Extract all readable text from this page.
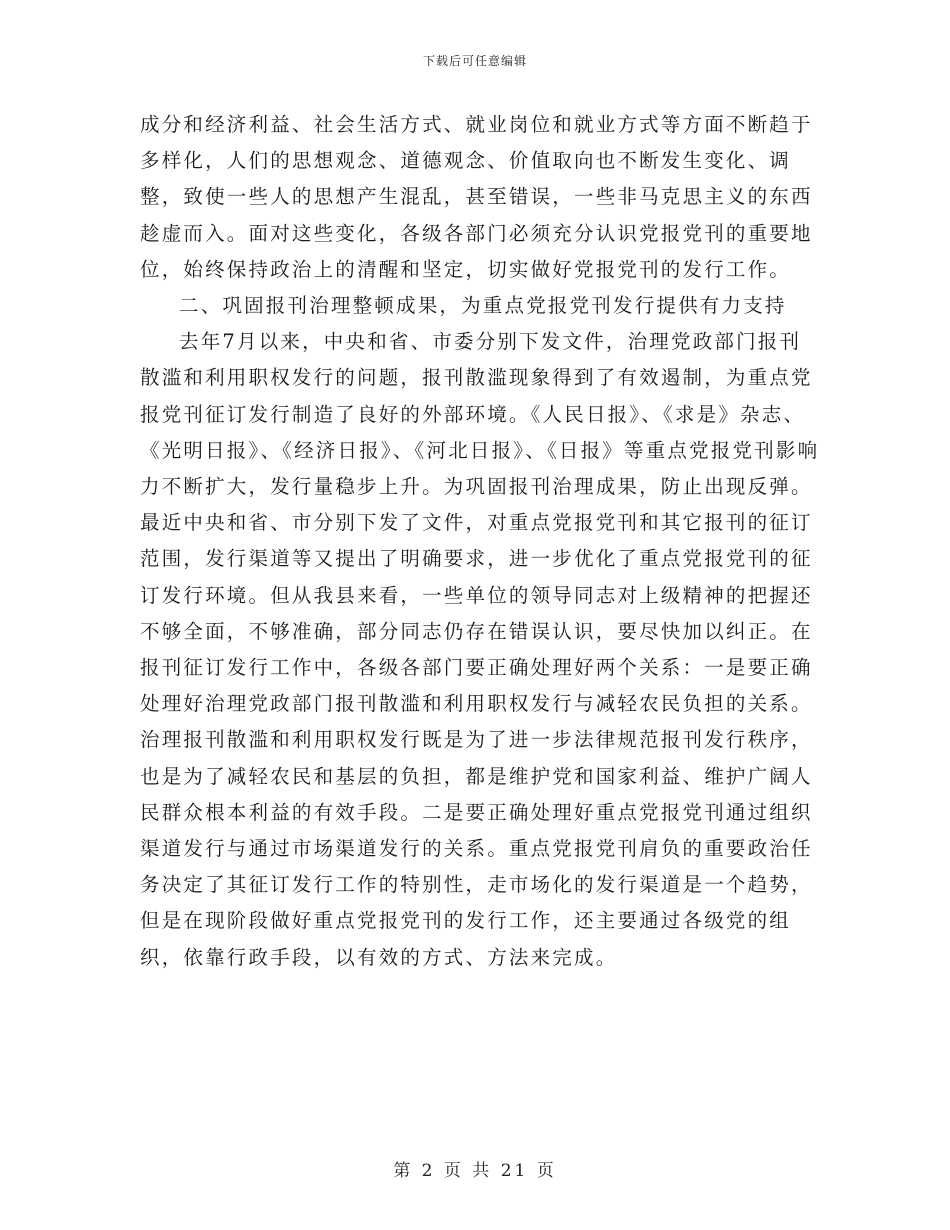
下载后可任意编辑

成分和经济利益、社会生活方式、就业岗位和就业方式等方面不断趋于多样化，人们的思想观念、道德观念、价值取向也不断发生变化、调整，致使一些人的思想产生混乱，甚至错误，一些非马克思主义的东西趁虚而入。面对这些变化，各级各部门必须充分认识党报党刊的重要地位，始终保持政治上的清醒和坚定，切实做好党报党刊的发行工作。

二、巩固报刊治理整顿成果，为重点党报党刊发行提供有力支持

去年7月以来，中央和省、市委分别下发文件，治理党政部门报刊散滥和利用职权发行的问题，报刊散滥现象得到了有效遏制，为重点党报党刊征订发行制造了良好的外部环境。《人民日报》、《求是》杂志、《光明日报》、《经济日报》、《河北日报》、《日报》等重点党报党刊影响力不断扩大，发行量稳步上升。为巩固报刊治理成果，防止出现反弹。最近中央和省、市分别下发了文件，对重点党报党刊和其它报刊的征订范围，发行渠道等又提出了明确要求，进一步优化了重点党报党刊的征订发行环境。但从我县来看，一些单位的领导同志对上级精神的把握还不够全面，不够准确，部分同志仍存在错误认识，要尽快加以纠正。在报刊征订发行工作中，各级各部门要正确处理好两个关系：一是要正确处理好治理党政部门报刊散滥和利用职权发行与减轻农民负担的关系。治理报刊散滥和利用职权发行既是为了进一步法律规范报刊发行秩序，也是为了减轻农民和基层的负担，都是维护党和国家利益、维护广阔人民群众根本利益的有效手段。二是要正确处理好重点党报党刊通过组织渠道发行与通过市场渠道发行的关系。重点党报党刊肩负的重要政治任务决定了其征订发行工作的特别性，走市场化的发行渠道是一个趋势，但是在现阶段做好重点党报党刊的发行工作，还主要通过各级党的组织，依靠行政手段，以有效的方式、方法来完成。

第 2 页 共 21 页
